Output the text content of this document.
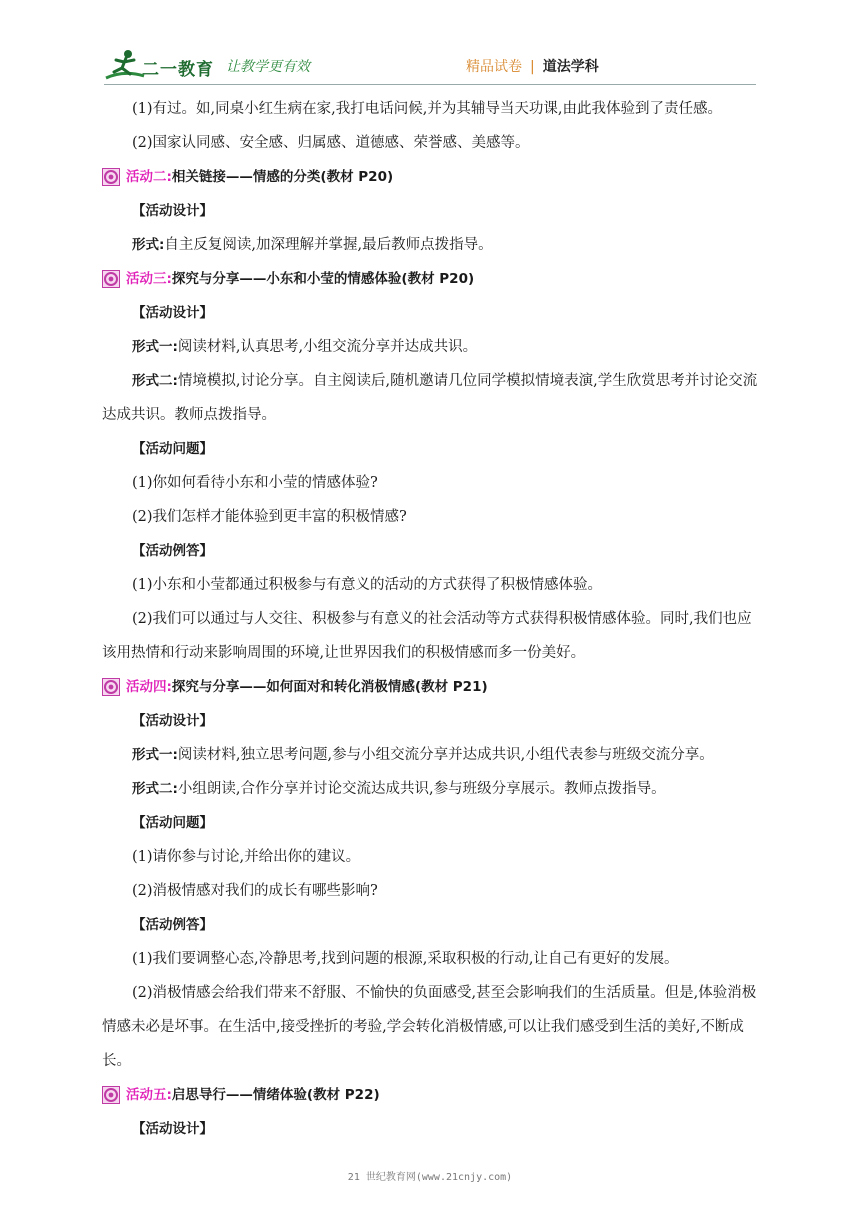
二一教育 让教学更有效	精品试卷 | 道法学科

(1)有过。如,同桌小红生病在家,我打电话问候,并为其辅导当天功课,由此我体验到了责任感。

(2)国家认同感、安全感、归属感、道德感、荣誉感、美感等。

活动二: 相关链接——情感的分类(教材 P20)

【活动设计】

形式:自主反复阅读,加深理解并掌握,最后教师点拨指导。

活动三: 探究与分享——小东和小莹的情感体验(教材 P20)

【活动设计】

形式一:阅读材料,认真思考,小组交流分享并达成共识。

形式二:情境模拟,讨论分享。自主阅读后,随机邀请几位同学模拟情境表演,学生欣赏思考并讨论交流达成共识。教师点拨指导。

【活动问题】

(1)你如何看待小东和小莹的情感体验?

(2)我们怎样才能体验到更丰富的积极情感?

【活动例答】

(1)小东和小莹都通过积极参与有意义的活动的方式获得了积极情感体验。

(2)我们可以通过与人交往、积极参与有意义的社会活动等方式获得积极情感体验。同时,我们也应该用热情和行动来影响周围的环境,让世界因我们的积极情感而多一份美好。

活动四: 探究与分享——如何面对和转化消极情感(教材 P21)

【活动设计】

形式一:阅读材料,独立思考问题,参与小组交流分享并达成共识,小组代表参与班级交流分享。

形式二:小组朗读,合作分享并讨论交流达成共识,参与班级分享展示。教师点拨指导。

【活动问题】

(1)请你参与讨论,并给出你的建议。

(2)消极情感对我们的成长有哪些影响?

【活动例答】

(1)我们要调整心态,冷静思考,找到问题的根源,采取积极的行动,让自己有更好的发展。

(2)消极情感会给我们带来不舒服、不愉快的负面感受,甚至会影响我们的生活质量。但是,体验消极情感未必是坏事。在生活中,接受挫折的考验,学会转化消极情感,可以让我们感受到生活的美好,不断成长。

活动五: 启思导行——情绪体验(教材 P22)

【活动设计】

21 世纪教育网(www.21cnjy.com)
